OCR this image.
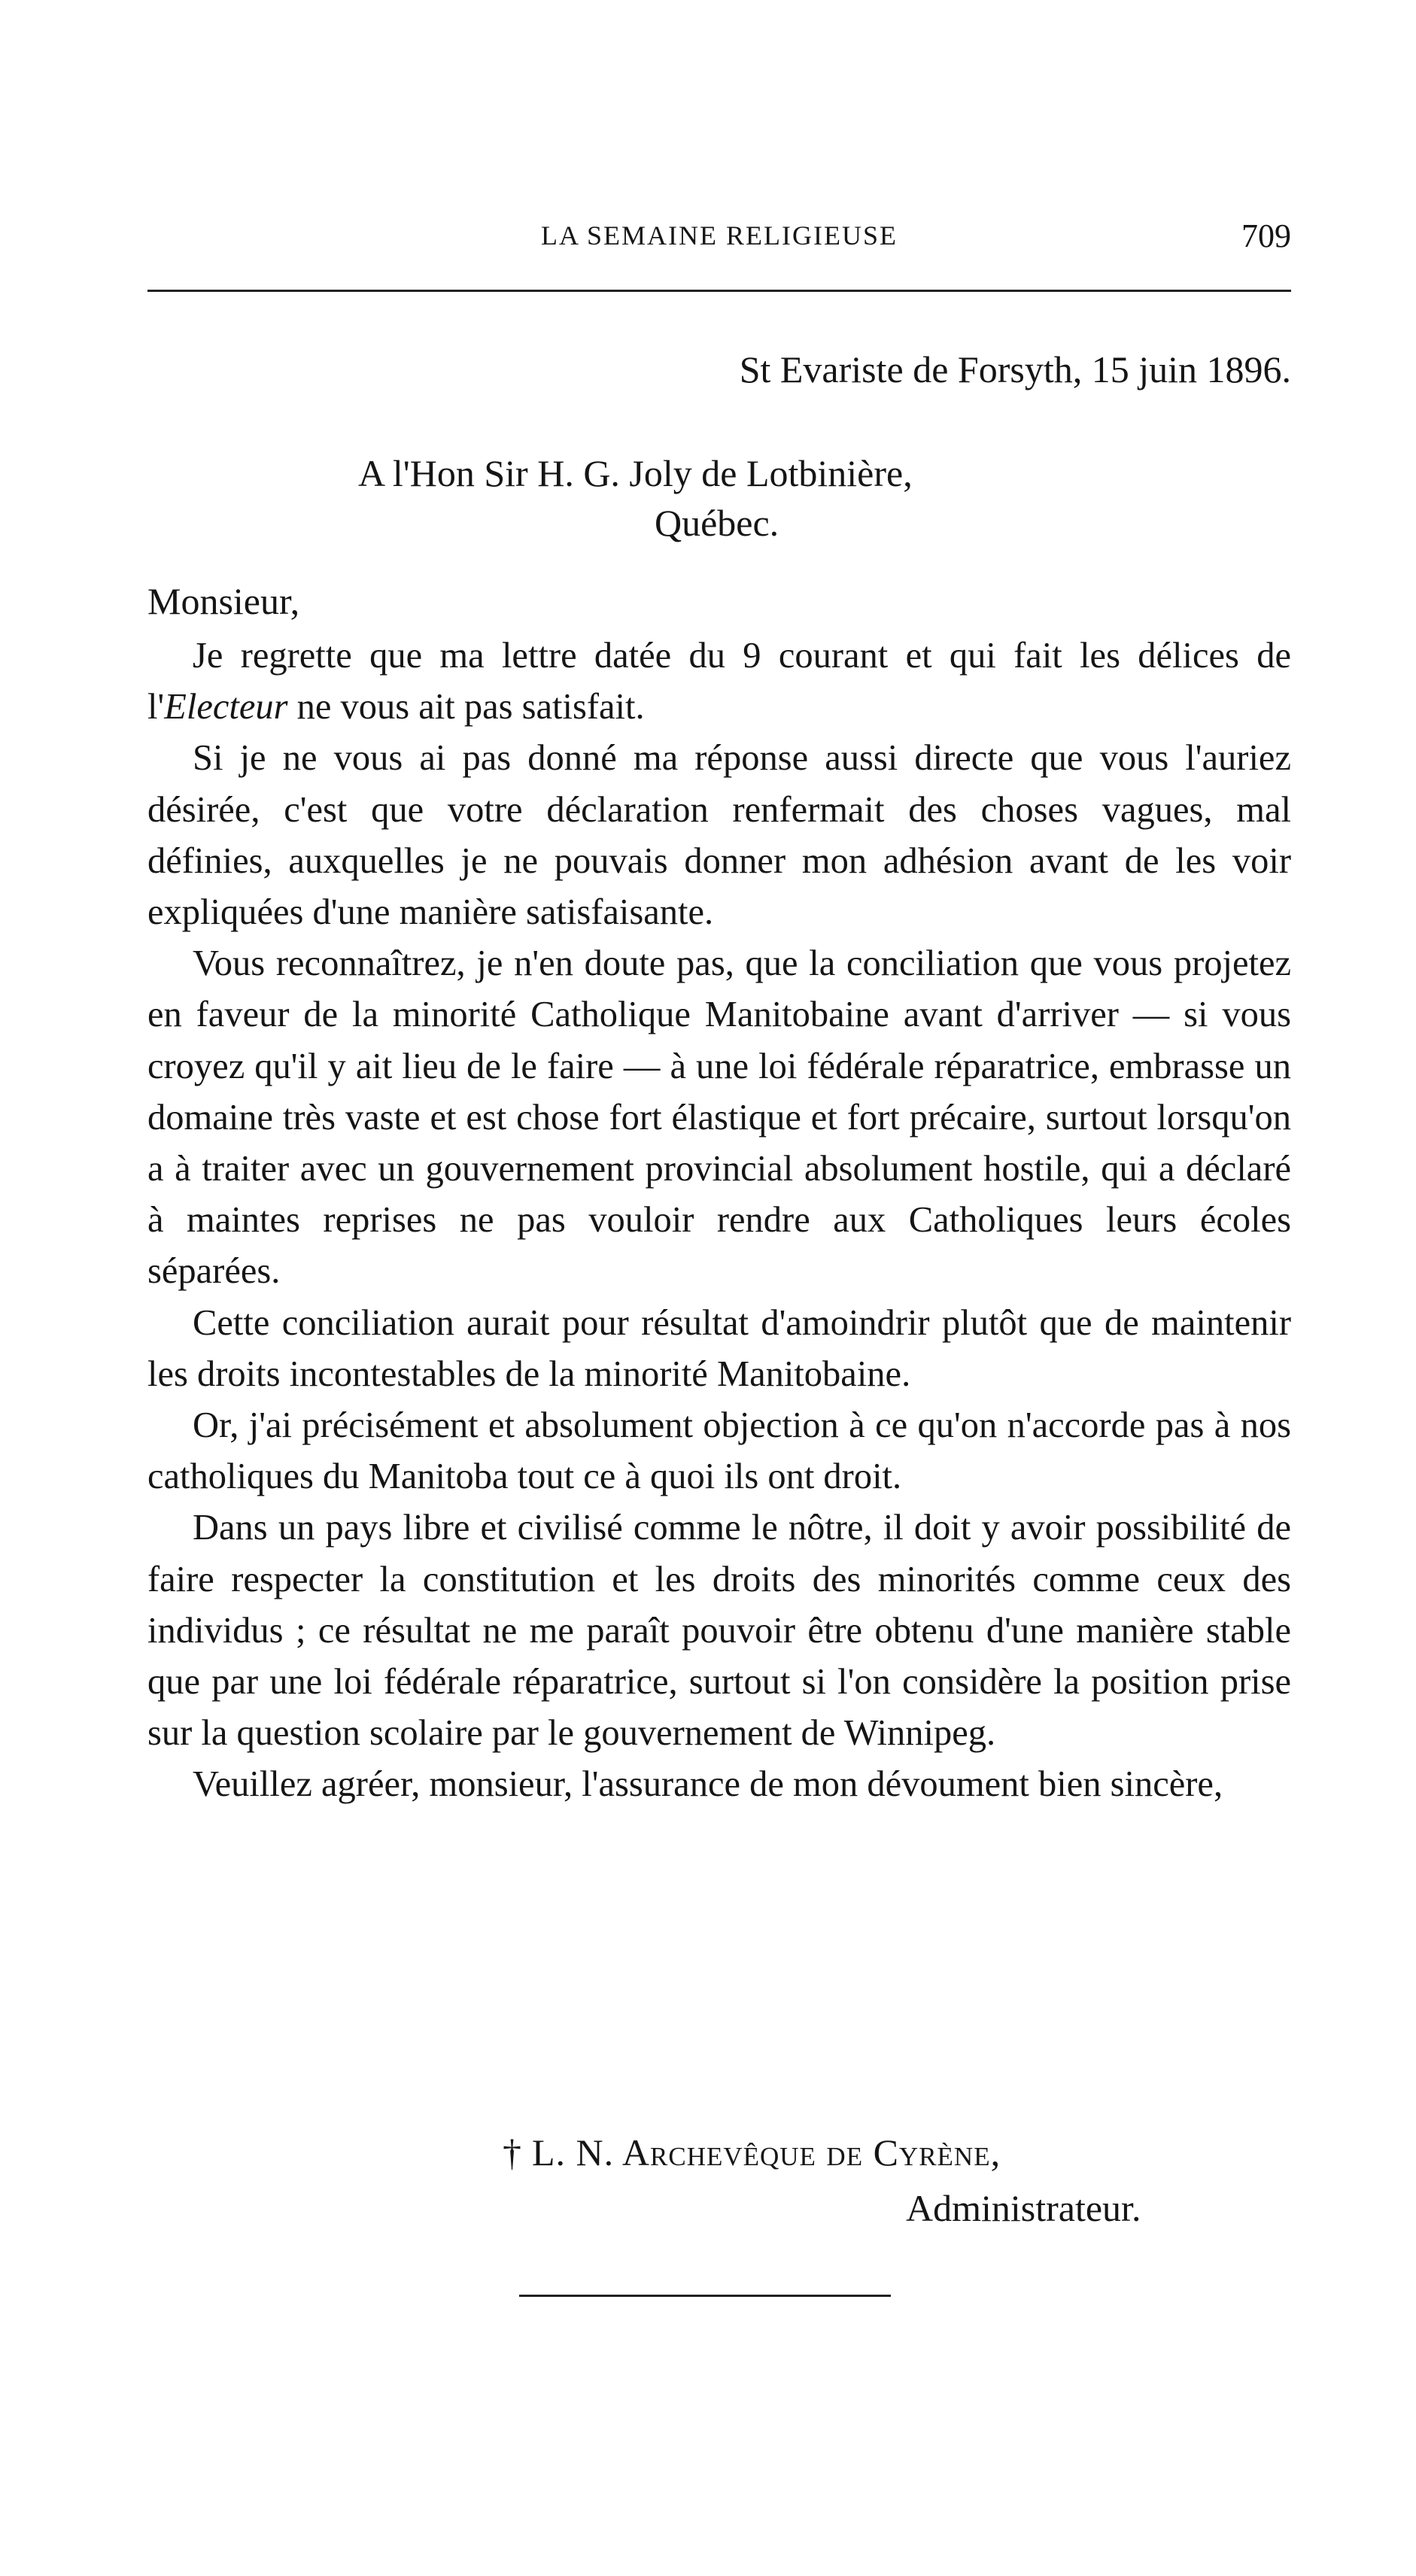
LA SEMAINE RELIGIEUSE	709
St Evariste de Forsyth, 15 juin 1896.
A l'Hon Sir H. G. Joly de Lotbinière,
Québec.
Monsieur,

Je regrette que ma lettre datée du 9 courant et qui fait les délices de l'Electeur ne vous ait pas satisfait.

Si je ne vous ai pas donné ma réponse aussi directe que vous l'auriez désirée, c'est que votre déclaration renfermait des choses vagues, mal définies, auxquelles je ne pouvais donner mon adhésion avant de les voir expliquées d'une manière satisfaisante.

Vous reconnaîtrez, je n'en doute pas, que la conciliation que vous projetez en faveur de la minorité Catholique Manitobaine avant d'arriver — si vous croyez qu'il y ait lieu de le faire — à une loi fédérale réparatrice, embrasse un domaine très vaste et est chose fort élastique et fort précaire, surtout lorsqu'on a à traiter avec un gouvernement provincial absolument hostile, qui a déclaré à maintes reprises ne pas vouloir rendre aux Catholiques leurs écoles séparées.

Cette conciliation aurait pour résultat d'amoindrir plutôt que de maintenir les droits incontestables de la minorité Manitobaine.

Or, j'ai précisément et absolument objection à ce qu'on n'accorde pas à nos catholiques du Manitoba tout ce à quoi ils ont droit.

Dans un pays libre et civilisé comme le nôtre, il doit y avoir possibilité de faire respecter la constitution et les droits des minorités comme ceux des individus ; ce résultat ne me paraît pouvoir être obtenu d'une manière stable que par une loi fédérale réparatrice, surtout si l'on considère la position prise sur la question scolaire par le gouvernement de Winnipeg.

Veuillez agréer, monsieur, l'assurance de mon dévoument bien sincère,

† L. N. Archevêque de Cyrène,
Administrateur.
